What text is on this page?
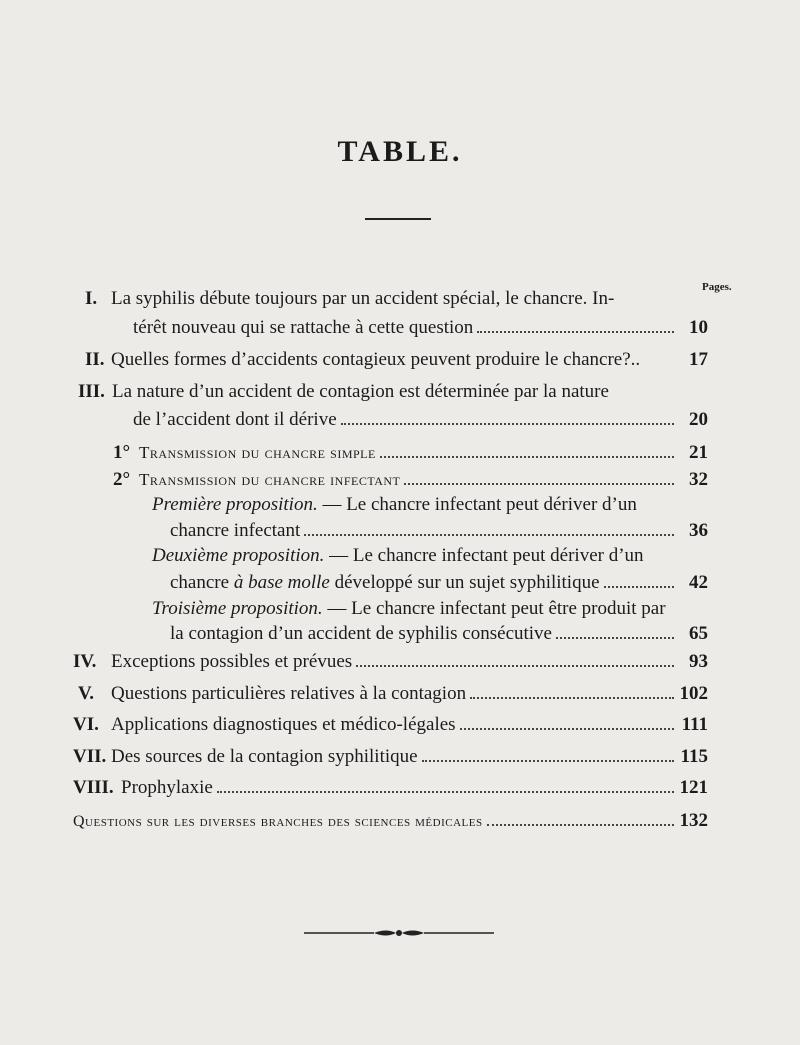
TABLE.
Pages.
I. La syphilis débute toujours par un accident spécial, le chancre. In-
térêt nouveau qui se rattache à cette question	10
II. Quelles formes d’accidents contagieux peuvent produire le chancre?..	17
III. La nature d’un accident de contagion est déterminée par la nature
de l’accident dont il dérive	20
1° Transmission du chancre simple	21
2° Transmission du chancre infectant	32
Première proposition.
— Le chancre infectant peut dériver d’un
chancre infectant	36
Deuxième proposition.
— Le chancre infectant peut dériver d’un
chancre
à base molle
développé sur un sujet syphilitique	42
Troisième proposition.
— Le chancre infectant peut être produit par
la contagion d’un accident de syphilis consécutive	65
IV. Exceptions possibles et prévues	93
V. Questions particulières relatives à la contagion	102
VI. Applications diagnostiques et médico-légales	111
VII. Des sources de la contagion syphilitique	115
VIII. Prophylaxie	121
Questions sur les diverses branches des sciences médicales	132
